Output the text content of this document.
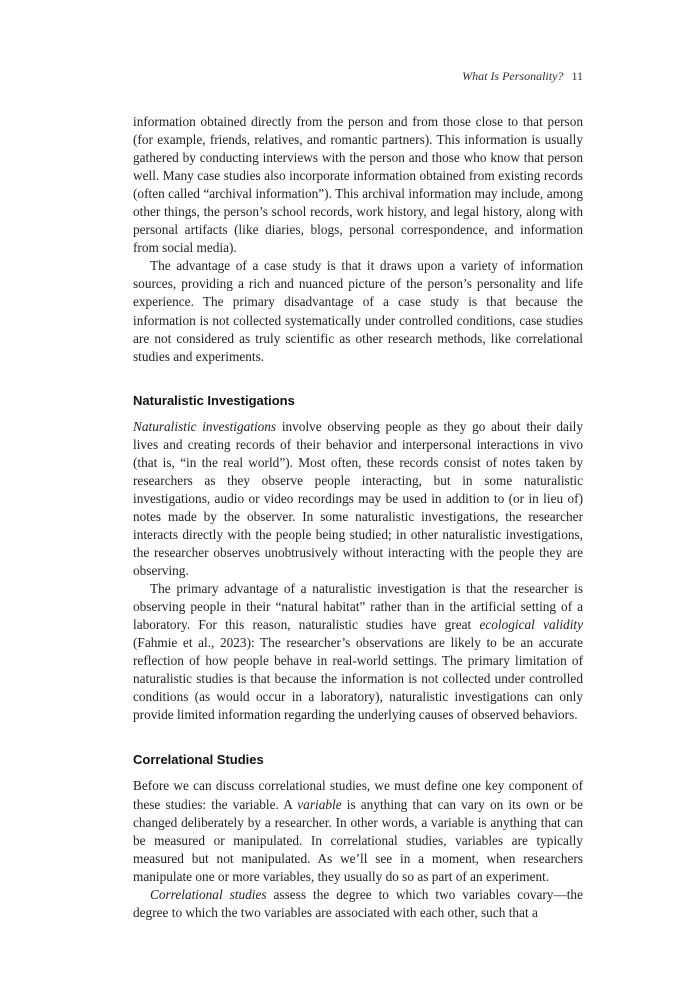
What Is Personality? 11

information obtained directly from the person and from those close to that person (for example, friends, relatives, and romantic partners). This information is usually gathered by conducting interviews with the person and those who know that person well. Many case studies also incorporate information obtained from existing records (often called “archival information”). This archival information may include, among other things, the person’s school records, work history, and legal history, along with personal artifacts (like diaries, blogs, personal correspondence, and information from social media).

The advantage of a case study is that it draws upon a variety of information sources, providing a rich and nuanced picture of the person’s personality and life experience. The primary disadvantage of a case study is that because the information is not collected systematically under controlled conditions, case studies are not considered as truly scientific as other research methods, like correlational studies and experiments.

Naturalistic Investigations

Naturalistic investigations involve observing people as they go about their daily lives and creating records of their behavior and interpersonal interactions in vivo (that is, “in the real world”). Most often, these records consist of notes taken by researchers as they observe people interacting, but in some naturalistic investigations, audio or video recordings may be used in addition to (or in lieu of) notes made by the observer. In some naturalistic investigations, the researcher interacts directly with the people being studied; in other naturalistic investigations, the researcher observes unobtrusively without interacting with the people they are observing.

The primary advantage of a naturalistic investigation is that the researcher is observing people in their “natural habitat” rather than in the artificial setting of a laboratory. For this reason, naturalistic studies have great ecological validity (Fahmie et al., 2023): The researcher’s observations are likely to be an accurate reflection of how people behave in real-world settings. The primary limitation of naturalistic studies is that because the information is not collected under controlled conditions (as would occur in a laboratory), naturalistic investigations can only provide limited information regarding the underlying causes of observed behaviors.

Correlational Studies

Before we can discuss correlational studies, we must define one key component of these studies: the variable. A variable is anything that can vary on its own or be changed deliberately by a researcher. In other words, a variable is anything that can be measured or manipulated. In correlational studies, variables are typically measured but not manipulated. As we’ll see in a moment, when researchers manipulate one or more variables, they usually do so as part of an experiment.

Correlational studies assess the degree to which two variables covary—the degree to which the two variables are associated with each other, such that a
